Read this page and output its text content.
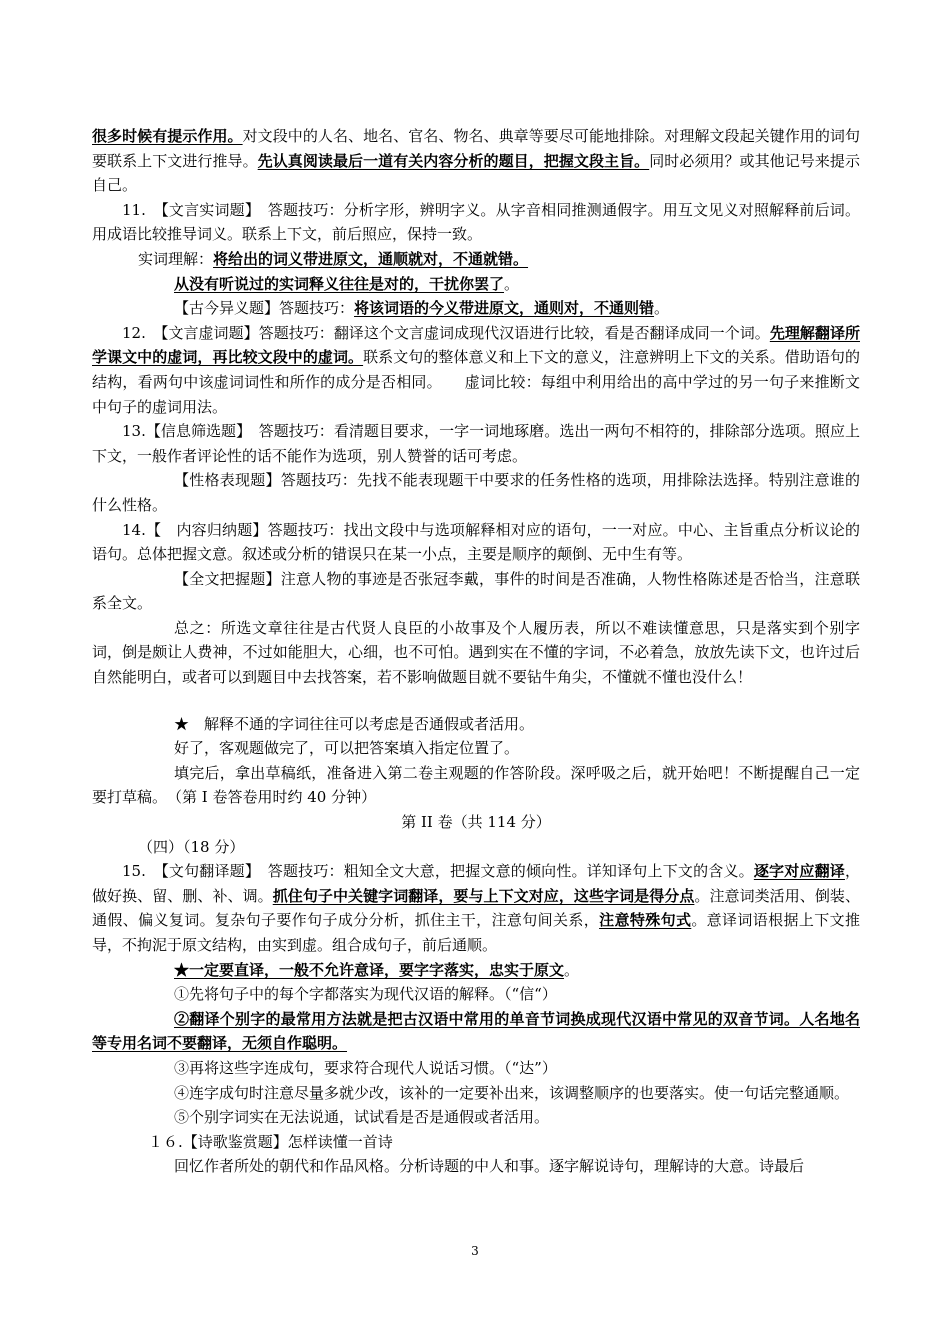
很多时候有提示作用。对文段中的人名、地名、官名、物名、典章等要尽可能地排除。对理解文段起关键作用的词句要联系上下文进行推导。先认真阅读最后一道有关内容分析的题目，把握文段主旨。同时必须用？或其他记号来提示自己。

11.　【文言实词题】　答题技巧：分析字形，辨明字义。从字音相同推测通假字。用互文见义对照解释前后词。用成语比较推导词义。联系上下文，前后照应，保持一致。

实词理解：将给出的词义带进原文，通顺就对，不通就错。

从没有听说过的实词释义往往是对的，干扰你罢了。

【古今异义题】答题技巧：将该词语的今义带进原文，通则对，不通则错。

12.　【文言虚词题】答题技巧：翻译这个文言虚词成现代汉语进行比较，看是否翻译成同一个词。先理解翻译所学课文中的虚词，再比较文段中的虚词。联系文句的整体意义和上下文的意义，注意辨明上下文的关系。借助语句的结构，看两句中该虚词词性和所作的成分是否相同。　　虚词比较：每组中利用给出的高中学过的另一句子来推断文中句子的虚词用法。

13.【信息筛选题】　答题技巧：看清题目要求，一字一词地琢磨。选出一两句不相符的，排除部分选项。照应上下文，一般作者评论性的话不能作为选项，别人赞誉的话可考虑。

【性格表现题】答题技巧：先找不能表现题干中要求的任务性格的选项，用排除法选择。特别注意谁的什么性格。

14.【　内容归纳题】答题技巧：找出文段中与选项解释相对应的语句，一一对应。中心、主旨重点分析议论的语句。总体把握文意。叙述或分析的错误只在某一小点，主要是顺序的颠倒、无中生有等。

【全文把握题】注意人物的事迹是否张冠李戴，事件的时间是否准确，人物性格陈述是否恰当，注意联系全文。

总之：所选文章往往是古代贤人良臣的小故事及个人履历表，所以不难读懂意思，只是落实到个别字词，倒是颇让人费神，不过如能胆大，心细，也不可怕。遇到实在不懂的字词，不必着急，放放先读下文，也许过后自然能明白，或者可以到题目中去找答案，若不影响做题目就不要钻牛角尖，不懂就不懂也没什么！

★　解释不通的字词往往可以考虑是否通假或者活用。

好了，客观题做完了，可以把答案填入指定位置了。

填完后，拿出草稿纸，准备进入第二卷主观题的作答阶段。深呼吸之后，就开始吧！不断提醒自己一定要打草稿。　（第 I 卷答卷用时约 40 分钟）

第 II 卷（共 114 分）

（四）（18 分）

15.　【文句翻译题】　答题技巧：粗知全文大意，把握文意的倾向性。详知译句上下文的含义。逐字对应翻译，做好换、留、删、补、调。抓住句子中关键字词翻译，要与上下文对应，这些字词是得分点。注意词类活用、倒装、通假、偏义复词。复杂句子要作句子成分分析，抓住主干，注意句间关系，注意特殊句式。意译词语根据上下文推导，不拘泥于原文结构，由实到虚。组合成句子，前后通顺。

★一定要直译，一般不允许意译，要字字落实，忠实于原文。

①先将句子中的每个字都落实为现代汉语的解释。（“信“）

②翻译个别字的最常用方法就是把古汉语中常用的单音节词换成现代汉语中常见的双音节词。人名地名等专用名词不要翻译，无须自作聪明。

③再将这些字连成句，要求符合现代人说话习惯。（“达”）

④连字成句时注意尽量多就少改，该补的一定要补出来，该调整顺序的也要落实。使一句话完整通顺。

⑤个别字词实在无法说通，试试看是否是通假或者活用。

１６.【诗歌鉴赏题】怎样读懂一首诗

回忆作者所处的朝代和作品风格。分析诗题的中人和事。逐字解说诗句，理解诗的大意。诗最后

3
